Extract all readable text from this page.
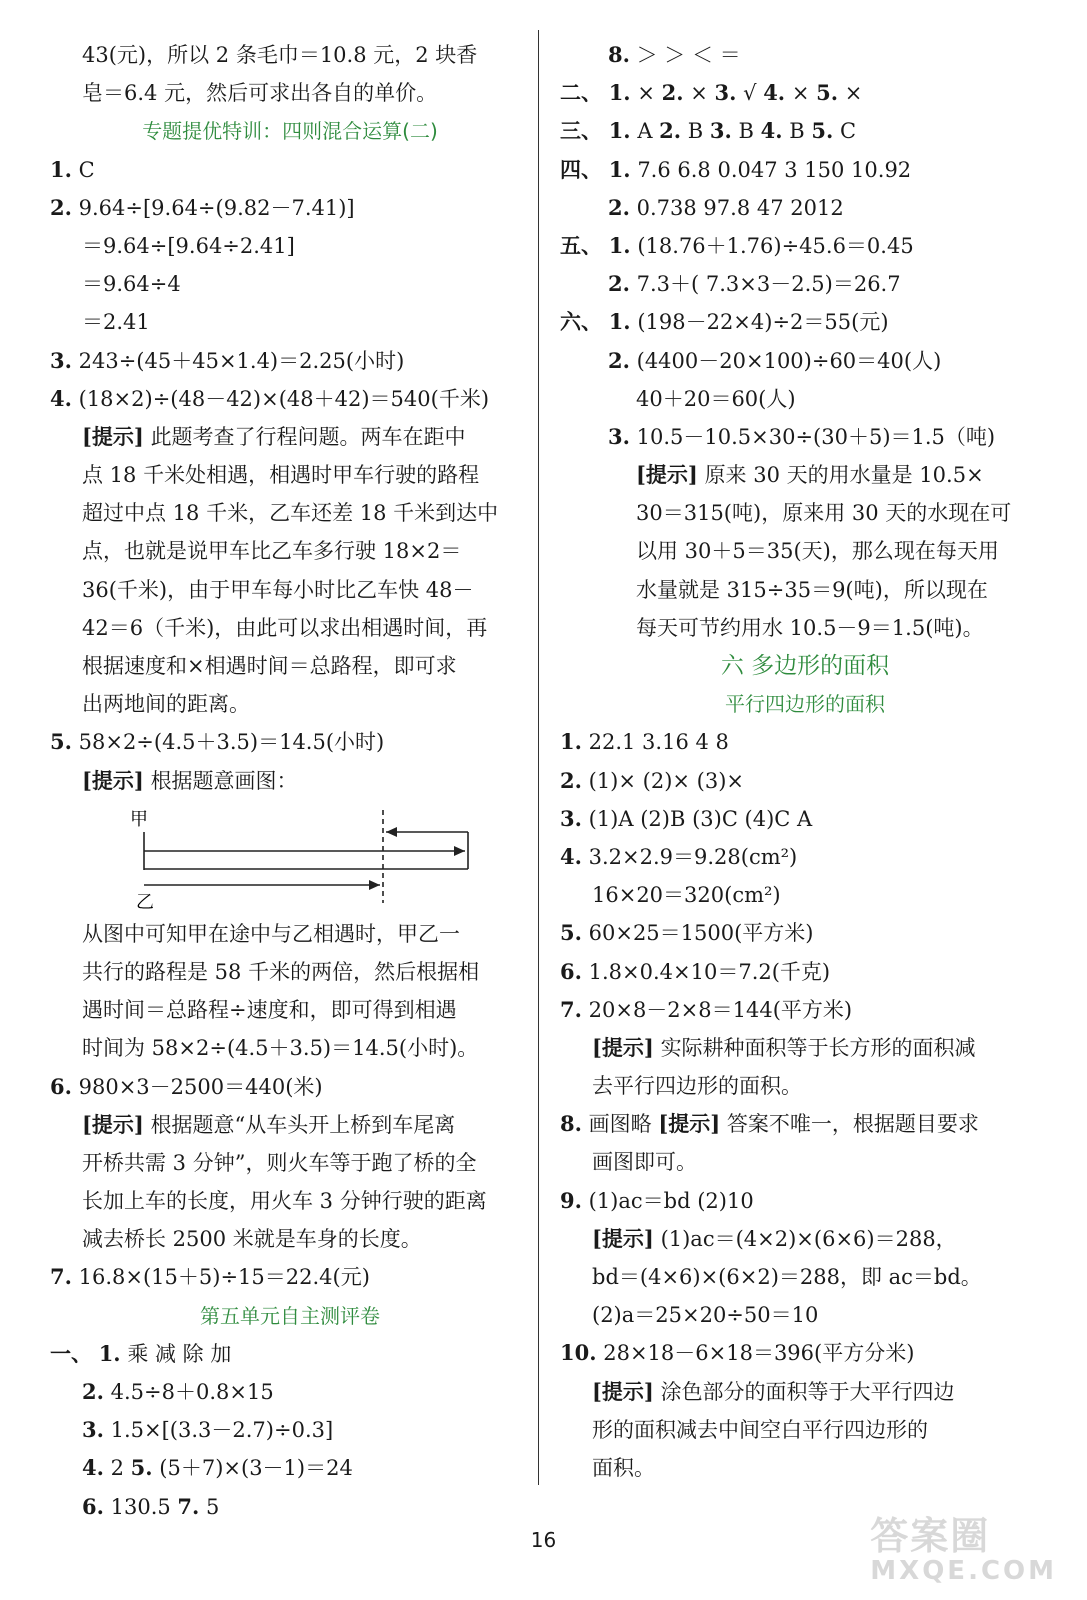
43(元)，所以 2 条毛巾＝10.8 元，2 块香
皂＝6.4 元，然后可求出各自的单价。
专题提优特训：四则混合运算(二)
1. C
2. 9.64÷[9.64÷(9.82－7.41)]
＝9.64÷[9.64÷2.41]
＝9.64÷4
＝2.41
3. 243÷(45＋45×1.4)＝2.25(小时)
4. (18×2)÷(48－42)×(48＋42)＝540(千米)
[提示] 此题考查了行程问题。两车在距中
点 18 千米处相遇，相遇时甲车行驶的路程
超过中点 18 千米，乙车还差 18 千米到达中
点，也就是说甲车比乙车多行驶 18×2＝
36(千米)，由于甲车每小时比乙车快 48－
42＝6（千米)，由此可以求出相遇时间，再
根据速度和×相遇时间＝总路程，即可求
出两地间的距离。
5. 58×2÷(4.5＋3.5)＝14.5(小时)
[提示] 根据题意画图：
甲
乙
从图中可知甲在途中与乙相遇时，甲乙一
共行的路程是 58 千米的两倍，然后根据相
遇时间＝总路程÷速度和，即可得到相遇
时间为 58×2÷(4.5＋3.5)＝14.5(小时)。
6. 980×3－2500＝440(米)
[提示] 根据题意“从车头开上桥到车尾离
开桥共需 3 分钟”，则火车等于跑了桥的全
长加上车的长度，用火车 3 分钟行驶的距离
减去桥长 2500 米就是车身的长度。
7. 16.8×(15＋5)÷15＝22.4(元)
第五单元自主测评卷
一、 1. 乘 减 除 加
2. 4.5÷8＋0.8×15
3. 1.5×[(3.3－2.7)÷0.3]
4. 2 5. (5＋7)×(3－1)＝24
6. 130.5 7. 5
8. ＞ ＞ ＜ ＝
二、 1. × 2. × 3. √ 4. × 5. ×
三、 1. A 2. B 3. B 4. B 5. C
四、 1. 7.6 6.8 0.047 3 150 10.92
2. 0.738 97.8 47 2012
五、 1. (18.76＋1.76)÷45.6＝0.45
2. 7.3＋( 7.3×3－2.5)＝26.7
六、 1. (198－22×4)÷2＝55(元)
2. (4400－20×100)÷60＝40(人)
40＋20＝60(人)
3. 10.5－10.5×30÷(30＋5)＝1.5（吨)
[提示] 原来 30 天的用水量是 10.5×
30＝315(吨)，原来用 30 天的水现在可
以用 30＋5＝35(天)，那么现在每天用
水量就是 315÷35＝9(吨)，所以现在
每天可节约用水 10.5－9＝1.5(吨)。
六 多边形的面积
平行四边形的面积
1. 22.1 3.16 4 8
2. (1)× (2)× (3)×
3. (1)A (2)B (3)C (4)C A
4. 3.2×2.9＝9.28(cm²)
16×20＝320(cm²)
5. 60×25＝1500(平方米)
6. 1.8×0.4×10＝7.2(千克)
7. 20×8－2×8＝144(平方米)
[提示] 实际耕种面积等于长方形的面积减
去平行四边形的面积。
8. 画图略 [提示] 答案不唯一，根据题目要求
画图即可。
9. (1)ac＝bd (2)10
[提示] (1)ac＝(4×2)×(6×6)＝288，
bd＝(4×6)×(6×2)＝288，即 ac＝bd。
(2)a＝25×20÷50＝10
10. 28×18－6×18＝396(平方分米)
[提示] 涂色部分的面积等于大平行四边
形的面积减去中间空白平行四边形的
面积。
16	答案圈
MXQE.COM
